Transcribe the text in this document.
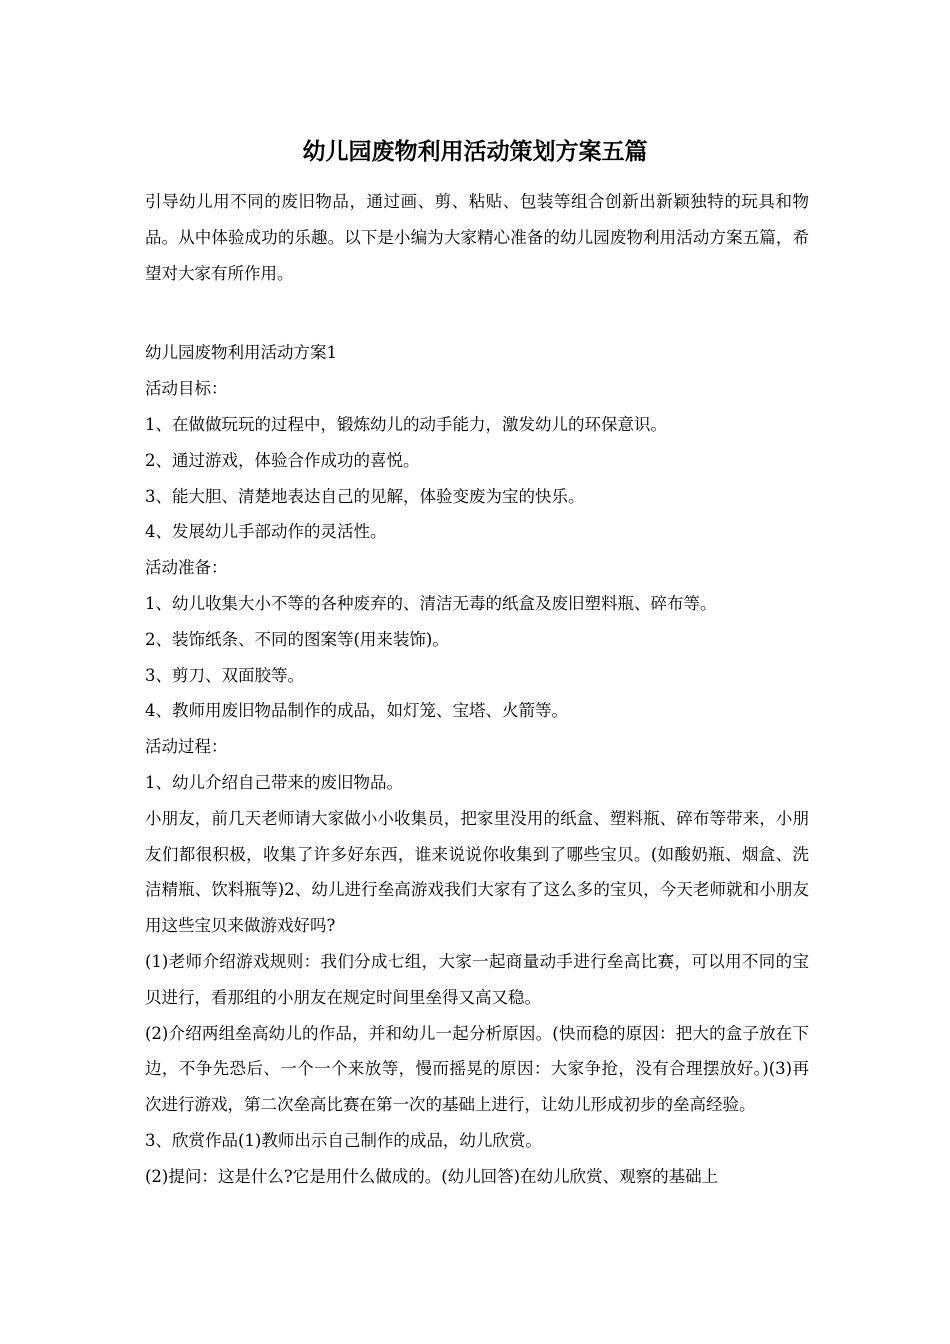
幼儿园废物利用活动策划方案五篇

引导幼儿用不同的废旧物品，通过画、剪、粘贴、包装等组合创新出新颖独特的玩具和物品。从中体验成功的乐趣。以下是小编为大家精心准备的幼儿园废物利用活动方案五篇，希望对大家有所作用。

幼儿园废物利用活动方案1

活动目标：

1、在做做玩玩的过程中，锻炼幼儿的动手能力，激发幼儿的环保意识。

2、通过游戏，体验合作成功的喜悦。

3、能大胆、清楚地表达自己的见解，体验变废为宝的快乐。

4、发展幼儿手部动作的灵活性。

活动准备：

1、幼儿收集大小不等的各种废弃的、清洁无毒的纸盒及废旧塑料瓶、碎布等。

2、装饰纸条、不同的图案等(用来装饰)。

3、剪刀、双面胶等。

4、教师用废旧物品制作的成品，如灯笼、宝塔、火箭等。

活动过程：

1、幼儿介绍自己带来的废旧物品。

小朋友，前几天老师请大家做小小收集员，把家里没用的纸盒、塑料瓶、碎布等带来，小朋友们都很积极，收集了许多好东西，谁来说说你收集到了哪些宝贝。(如酸奶瓶、烟盒、洗洁精瓶、饮料瓶等)2、幼儿进行垒高游戏我们大家有了这么多的宝贝，今天老师就和小朋友用这些宝贝来做游戏好吗?

(1)老师介绍游戏规则：我们分成七组，大家一起商量动手进行垒高比赛，可以用不同的宝贝进行，看那组的小朋友在规定时间里垒得又高又稳。

(2)介绍两组垒高幼儿的作品，并和幼儿一起分析原因。(快而稳的原因：把大的盒子放在下边，不争先恐后、一个一个来放等，慢而摇晃的原因：大家争抢，没有合理摆放好。)(3)再次进行游戏，第二次垒高比赛在第一次的基础上进行，让幼儿形成初步的垒高经验。

3、欣赏作品(1)教师出示自己制作的成品，幼儿欣赏。

(2)提问：这是什么?它是用什么做成的。(幼儿回答)在幼儿欣赏、观察的基础上
